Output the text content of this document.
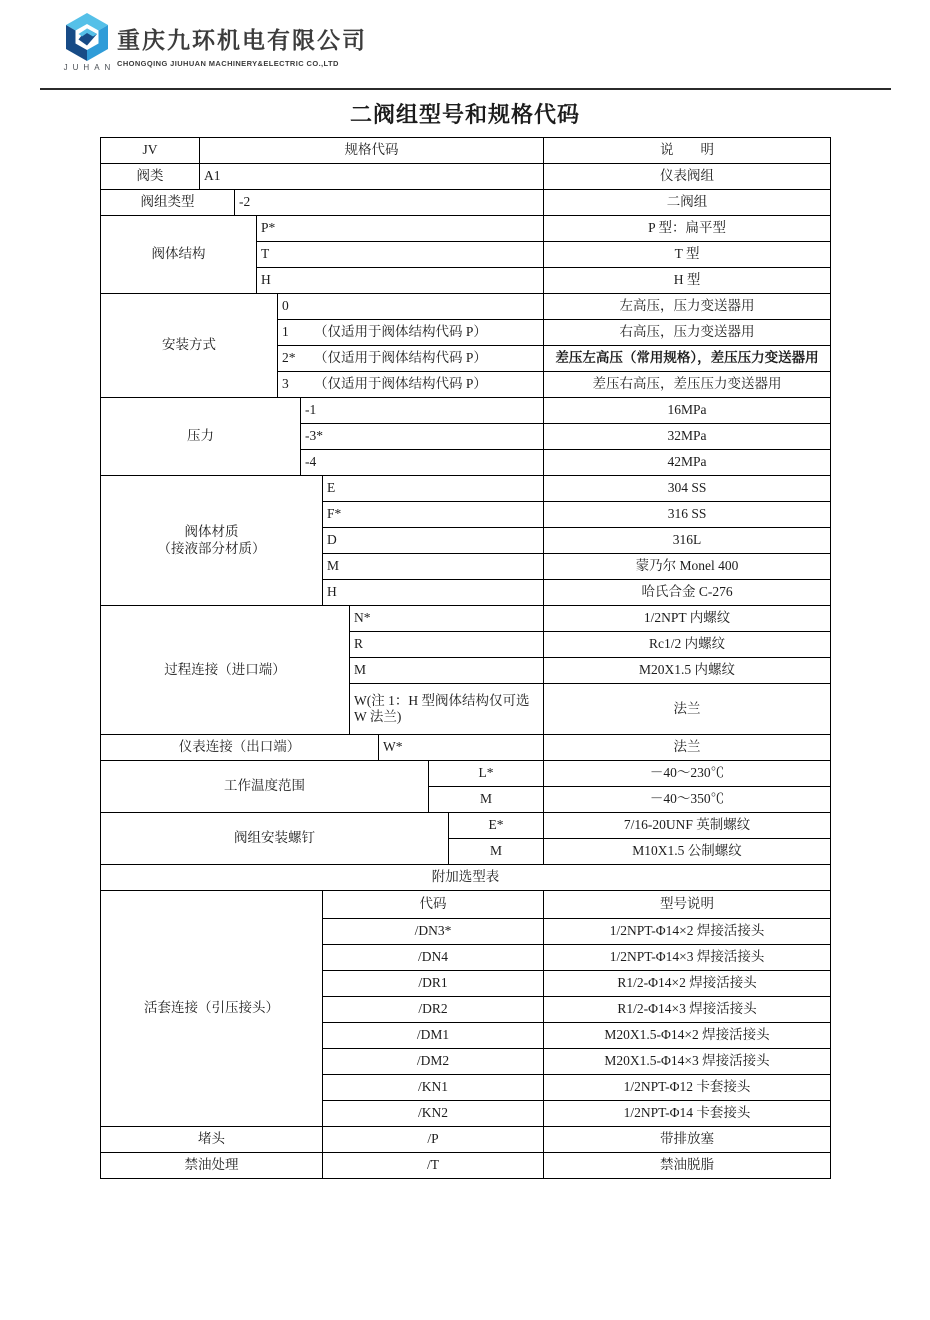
JUHAN
重庆九环机电有限公司
CHONGQING JIUHUAN MACHINERY&ELECTRIC CO.,LTD
二阀组型号和规格代码
JV	规格代码										说　　明
阀类	A1										仪表阀组
阀组类型		-2									二阀组
阀体结构			P*								P 型：扁平型
			T								T 型
			H								H 型
安装方式				0							左高压，压力变送器用
				1 （仅适用于阀体结构代码 P）							右高压，压力变送器用
				2* （仅适用于阀体结构代码 P）							差压左高压（常用规格），差压压力变送器用
				3 （仅适用于阀体结构代码 P）							差压右高压，差压压力变送器用
压力					-1						16MPa
					-3*						32MPa
					-4						42MPa

阀体材质
（接液部分材质）						E					304 SS
						F*					316 SS
						D					316L
						M					蒙乃尔 Monel 400
						H					哈氏合金 C-276
过程连接（进口端）							N*				1/2NPT 内螺纹
							R				Rc1/2 内螺纹
							M				M20X1.5 内螺纹
							W(注 1：H 型阀体结构仅可选 W 法兰)				法兰
仪表连接（出口端）								W*			法兰
工作温度范围									L*		－40～230℃
									M		－40～350℃
阀组安装螺钉										E*	7/16-20UNF 英制螺纹
										M	M10X1.5 公制螺纹
附加选型表											
活套连接（引压接头）						代码					型号说明
						/DN3*					1/2NPT-Φ14×2 焊接活接头
						/DN4					1/2NPT-Φ14×3 焊接活接头
						/DR1					R1/2-Φ14×2 焊接活接头
						/DR2					R1/2-Φ14×3 焊接活接头
						/DM1					M20X1.5-Φ14×2 焊接活接头
						/DM2					M20X1.5-Φ14×3 焊接活接头
						/KN1					1/2NPT-Φ12 卡套接头
						/KN2					1/2NPT-Φ14 卡套接头
堵头						/P					带排放塞
禁油处理						/T					禁油脱脂
